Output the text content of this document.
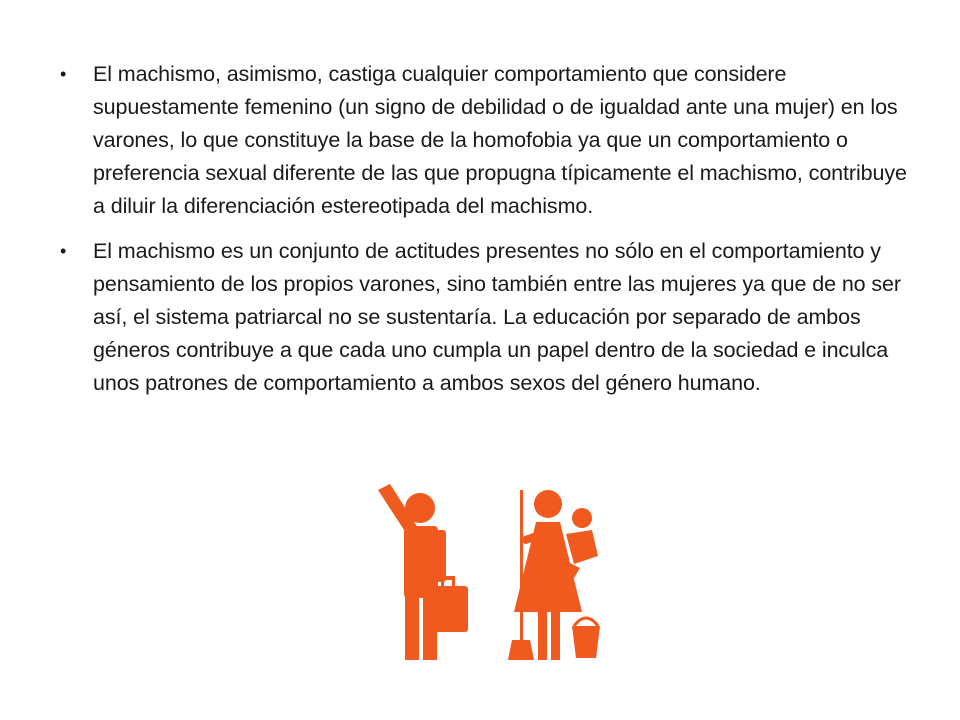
• El machismo, asimismo, castiga cualquier comportamiento que considere supuestamente femenino (un signo de debilidad o de igualdad ante una mujer) en los varones, lo que constituye la base de la homofobia ya que un comportamiento o preferencia sexual diferente de las que propugna típicamente el machismo, contribuye a diluir la diferenciación estereotipada del machismo.
• El machismo es un conjunto de actitudes presentes no sólo en el comportamiento y pensamiento de los propios varones, sino también entre las mujeres ya que de no ser así, el sistema patriarcal no se sustentaría. La educación por separado de ambos géneros contribuye a que cada uno cumpla un papel dentro de la sociedad e inculca unos patrones de comportamiento a ambos sexos del género humano.
